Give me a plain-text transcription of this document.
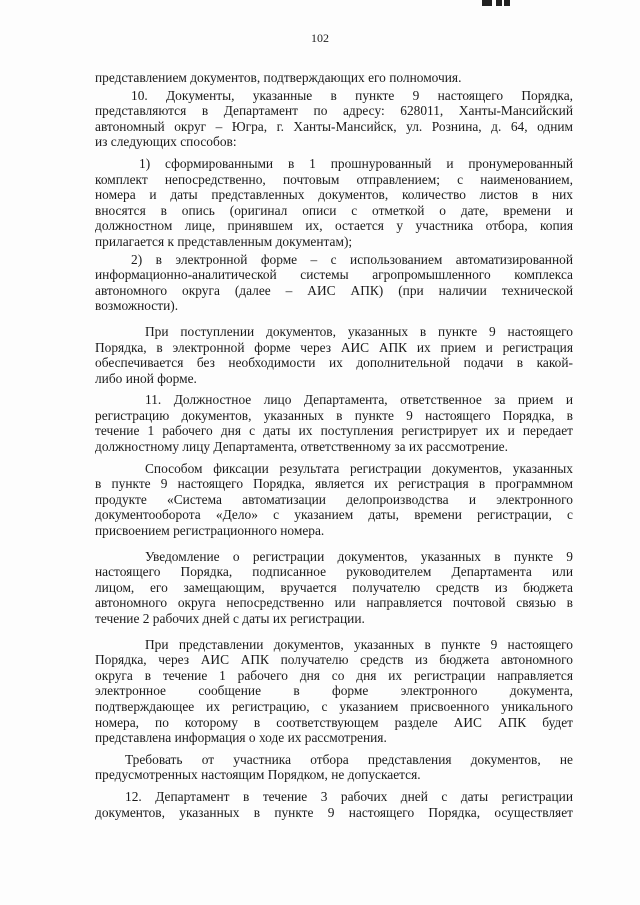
102
представлением документов, подтверждающих его полномочия.
10. Документы, указанные в пункте 9 настоящего Порядка,
представляются в Департамент по адресу: 628011, Ханты-Мансийский
автономный округ – Югра, г. Ханты-Мансийск, ул. Рознина, д. 64, одним
из следующих способов:
1) сформированными в 1 прошнурованный и пронумерованный
комплект непосредственно, почтовым отправлением; с наименованием,
номера и даты представленных документов, количество листов в них
вносятся в опись (оригинал описи с отметкой о дате, времени и
должностном лице, принявшем их, остается у участника отбора, копия
прилагается к представленным документам);
2) в электронной форме – с использованием автоматизированной
информационно-аналитической системы агропромышленного комплекса
автономного округа (далее – АИС АПК) (при наличии технической
возможности).
При поступлении документов, указанных в пункте 9 настоящего
Порядка, в электронной форме через АИС АПК их прием и регистрация
обеспечивается без необходимости их дополнительной подачи в какой-
либо иной форме.
11. Должностное лицо Департамента, ответственное за прием и
регистрацию документов, указанных в пункте 9 настоящего Порядка, в
течение 1 рабочего дня с даты их поступления регистрирует их и передает
должностному лицу Департамента, ответственному за их рассмотрение.
Способом фиксации результата регистрации документов, указанных
в пункте 9 настоящего Порядка, является их регистрация в программном
продукте «Система автоматизации делопроизводства и электронного
документооборота «Дело» с указанием даты, времени регистрации, с
присвоением регистрационного номера.
Уведомление о регистрации документов, указанных в пункте 9
настоящего Порядка, подписанное руководителем Департамента или
лицом, его замещающим, вручается получателю средств из бюджета
автономного округа непосредственно или направляется почтовой связью в
течение 2 рабочих дней с даты их регистрации.
При представлении документов, указанных в пункте 9 настоящего
Порядка, через АИС АПК получателю средств из бюджета автономного
округа в течение 1 рабочего дня со дня их регистрации направляется
электронное сообщение в форме электронного документа,
подтверждающее их регистрацию, с указанием присвоенного уникального
номера, по которому в соответствующем разделе АИС АПК будет
представлена информация о ходе их рассмотрения.
Требовать от участника отбора представления документов, не
предусмотренных настоящим Порядком, не допускается.
12. Департамент в течение 3 рабочих дней с даты регистрации
документов, указанных в пункте 9 настоящего Порядка, осуществляет
